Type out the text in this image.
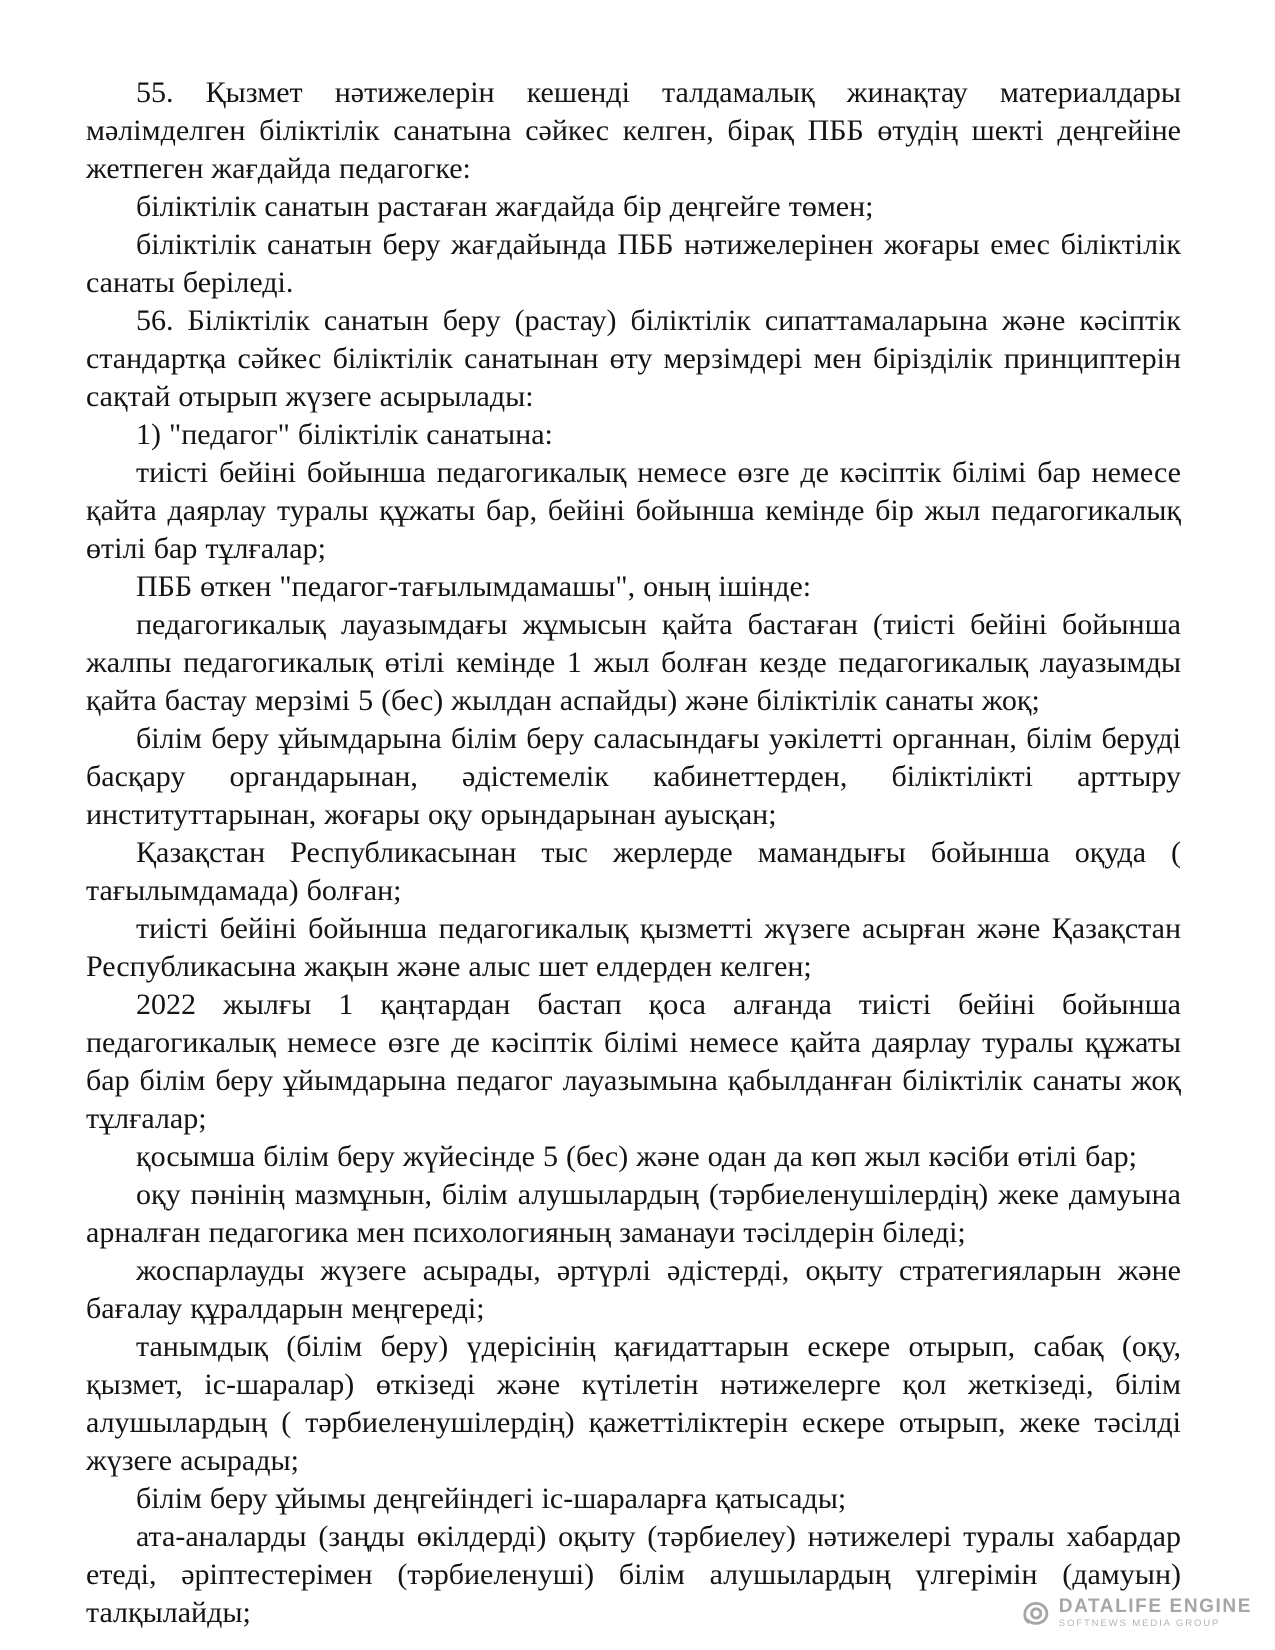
55. Қызмет нәтижелерін кешенді талдамалық жинақтау материалдары мәлімделген біліктілік санатына сәйкес келген, бірақ ПББ өтудің шекті деңгейіне жетпеген жағдайда педагогке:

біліктілік санатын растаған жағдайда бір деңгейге төмен;

біліктілік санатын беру жағдайында ПББ нәтижелерінен жоғары емес біліктілік санаты беріледі.

56. Біліктілік санатын беру (растау) біліктілік сипаттамаларына және кәсіптік стандартқа сәйкес біліктілік санатынан өту мерзімдері мен бірізділік принциптерін сақтай отырып жүзеге асырылады:

1) "педагог" біліктілік санатына:

тиісті бейіні бойынша педагогикалық немесе өзге де кәсіптік білімі бар немесе қайта даярлау туралы құжаты бар, бейіні бойынша кемінде бір жыл педагогикалық өтілі бар тұлғалар;

ПББ өткен "педагог-тағылымдамашы", оның ішінде:

педагогикалық лауазымдағы жұмысын қайта бастаған (тиісті бейіні бойынша жалпы педагогикалық өтілі кемінде 1 жыл болған кезде педагогикалық лауазымды қайта бастау мерзімі 5 (бес) жылдан аспайды) және біліктілік санаты жоқ;

білім беру ұйымдарына білім беру саласындағы уәкілетті органнан, білім беруді басқару органдарынан, әдістемелік кабинеттерден, біліктілікті арттыру институттарынан, жоғары оқу орындарынан ауысқан;

Қазақстан Республикасынан тыс жерлерде мамандығы бойынша оқуда ( тағылымдамада) болған;

тиісті бейіні бойынша педагогикалық қызметті жүзеге асырған және Қазақстан Республикасына жақын және алыс шет елдерден келген;

2022 жылғы 1 қаңтардан бастап қоса алғанда тиісті бейіні бойынша педагогикалық немесе өзге де кәсіптік білімі немесе қайта даярлау туралы құжаты бар білім беру ұйымдарына педагог лауазымына қабылданған біліктілік санаты жоқ тұлғалар;

қосымша білім беру жүйесінде 5 (бес) және одан да көп жыл кәсіби өтілі бар;

оқу пәнінің мазмұнын, білім алушылардың (тәрбиеленушілердің) жеке дамуына арналған педагогика мен психологияның заманауи тәсілдерін біледі;

жоспарлауды жүзеге асырады, әртүрлі әдістерді, оқыту стратегияларын және бағалау құралдарын меңгереді;

танымдық (білім беру) үдерісінің қағидаттарын ескере отырып, сабақ (оқу, қызмет, іс-шаралар) өткізеді және күтілетін нәтижелерге қол жеткізеді, білім алушылардың ( тәрбиеленушілердің) қажеттіліктерін ескере отырып, жеке тәсілді жүзеге асырады;

білім беру ұйымы деңгейіндегі іс-шараларға қатысады;

ата-аналарды (заңды өкілдерді) оқыту (тәрбиелеу) нәтижелері туралы хабардар етеді, әріптестерімен (тәрбиеленуші) білім алушылардың үлгерімін (дамуын) талқылайды;	DATALIFE ENGINE
SOFTNEWS MEDIA GROUP
